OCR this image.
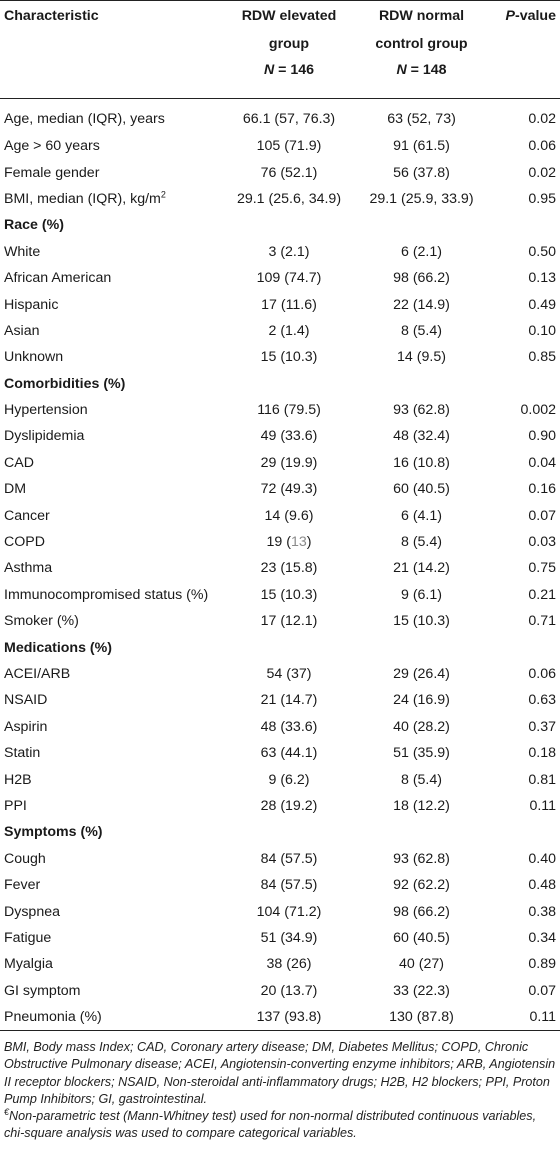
Characteristic	RDW elevated	RDW normal	P-value
	group	control group	
	N = 146	N = 148	
Age, median (IQR), years	66.1 (57, 76.3)	63 (52, 73)	0.02
Age > 60 years	105 (71.9)	91 (61.5)	0.06
Female gender	76 (52.1)	56 (37.8)	0.02
BMI, median (IQR), $kg/m^2$	29.1 (25.6, 34.9)	29.1 (25.9, 33.9)	0.95
Race (%)			
White	3 (2.1)	6 (2.1)	0.50
African American	109 (74.7)	98 (66.2)	0.13
Hispanic	17 (11.6)	22 (14.9)	0.49
Asian	2 (1.4)	8 (5.4)	0.10
Unknown	15 (10.3)	14 (9.5)	0.85
Comorbidities (%)			
Hypertension	116 (79.5)	93 (62.8)	0.002
Dyslipidemia	49 (33.6)	48 (32.4)	0.90
CAD	29 (19.9)	16 (10.8)	0.04
DM	72 (49.3)	60 (40.5)	0.16
Cancer	14 (9.6)	6 (4.1)	0.07
COPD	19 (13)	8 (5.4)	0.03
Asthma	23 (15.8)	21 (14.2)	0.75
Immunocompromised status (%)	15 (10.3)	9 (6.1)	0.21
Smoker (%)	17 (12.1)	15 (10.3)	0.71
Medications (%)			
ACEI/ARB	54 (37)	29 (26.4)	0.06
NSAID	21 (14.7)	24 (16.9)	0.63
Aspirin	48 (33.6)	40 (28.2)	0.37
Statin	63 (44.1)	51 (35.9)	0.18
H2B	9 (6.2)	8 (5.4)	0.81
PPI	28 (19.2)	18 (12.2)	0.11
Symptoms (%)			
Cough	84 (57.5)	93 (62.8)	0.40
Fever	84 (57.5)	92 (62.2)	0.48
Dyspnea	104 (71.2)	98 (66.2)	0.38
Fatigue	51 (34.9)	60 (40.5)	0.34
Myalgia	38 (26)	40 (27)	0.89
GI symptom	20 (13.7)	33 (22.3)	0.07
Pneumonia (%)	137 (93.8)	130 (87.8)	0.11

BMI, Body mass Index; CAD, Coronary artery disease; DM, Diabetes Mellitus; COPD, Chronic Obstructive Pulmonary disease; ACEI, Angiotensin-converting enzyme inhibitors; ARB, Angiotensin II receptor blockers; NSAID, Non-steroidal anti-inflammatory drugs; H2B, H2 blockers; PPI, Proton Pump Inhibitors; GI, gastrointestinal.

€Non-parametric test (Mann-Whitney test) used for non-normal distributed continuous variables, chi-square analysis was used to compare categorical variables.
